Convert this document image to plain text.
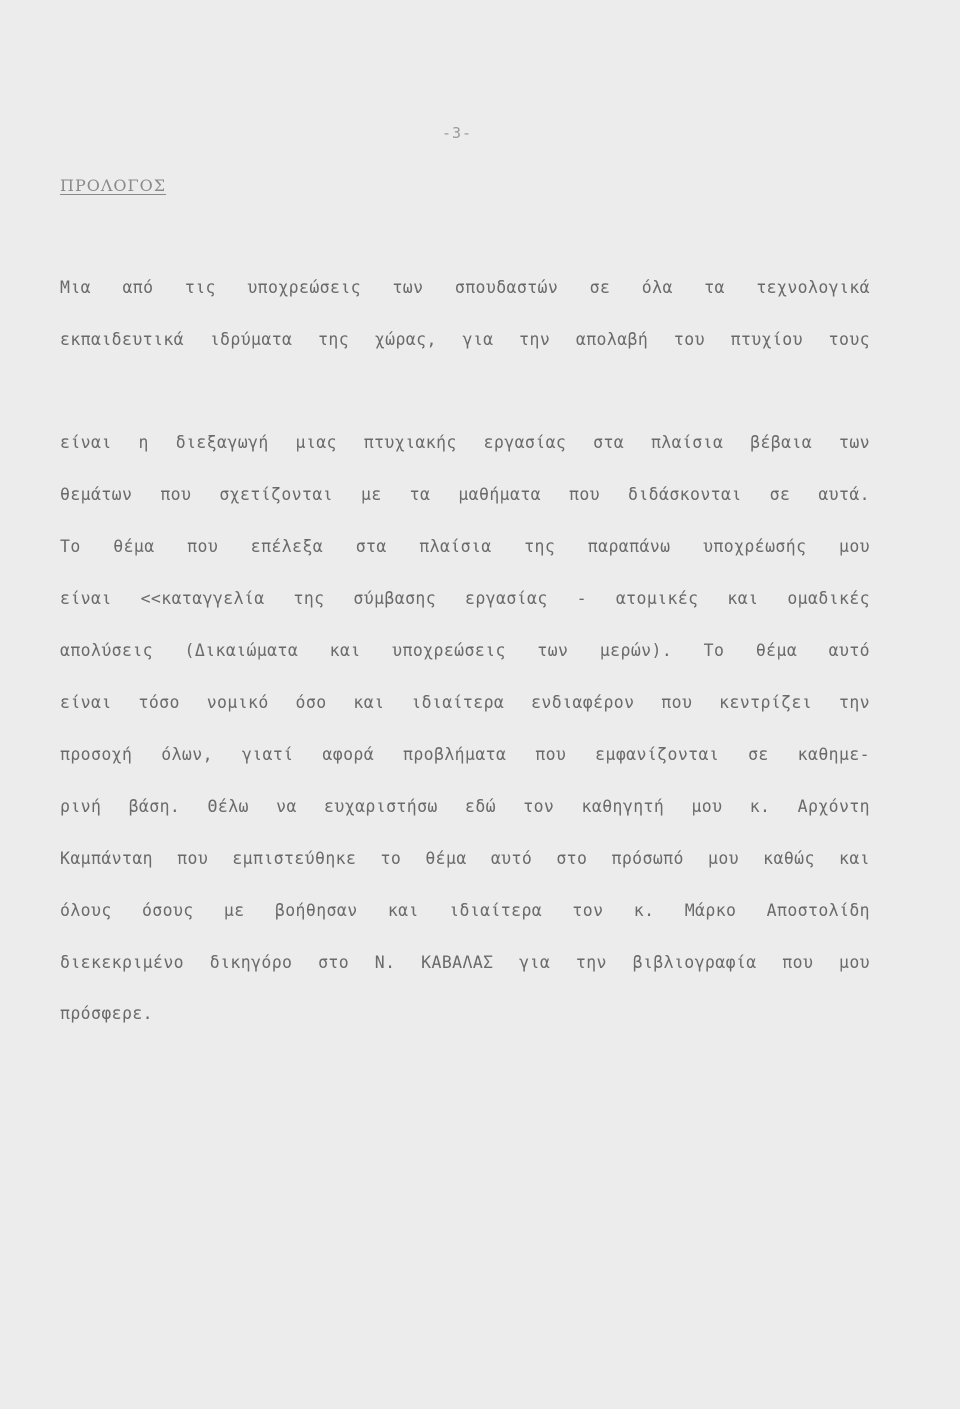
-3-
ΠΡΟΛΟΓΟΣ
Μια από τις υποχρεώσεις των σπουδαστών σε όλα τα τεχνολογικά
εκπαιδευτικά ιδρύματα της χώρας, για την απολαβή του πτυχίου τους
είναι η διεξαγωγή μιας πτυχιακής εργασίας στα πλαίσια βέβαια των
θεμάτων που σχετίζονται με τα μαθήματα που διδάσκονται σε αυτά.
Το θέμα που επέλεξα στα πλαίσια της παραπάνω υποχρέωσής μου
είναι <<καταγγελία της σύμβασης εργασίας - ατομικές και ομαδικές
απολύσεις (Δικαιώματα και υποχρεώσεις των μερών). Το θέμα αυτό
είναι τόσο νομικό όσο και ιδιαίτερα ενδιαφέρον που κεντρίζει την
προσοχή όλων, γιατί αφορά προβλήματα που εμφανίζονται σε καθημε-
ρινή βάση. Θέλω να ευχαριστήσω εδώ τον καθηγητή μου κ. Αρχόντη
Καμπάνταη που εμπιστεύθηκε το θέμα αυτό στο πρόσωπό μου καθώς και
όλους όσους με βοήθησαν και ιδιαίτερα τον κ. Μάρκο Αποστολίδη
διεκεκριμένο δικηγόρο στο Ν. ΚΑΒΑΛΑΣ για την βιβλιογραφία που μου
πρόσφερε.
